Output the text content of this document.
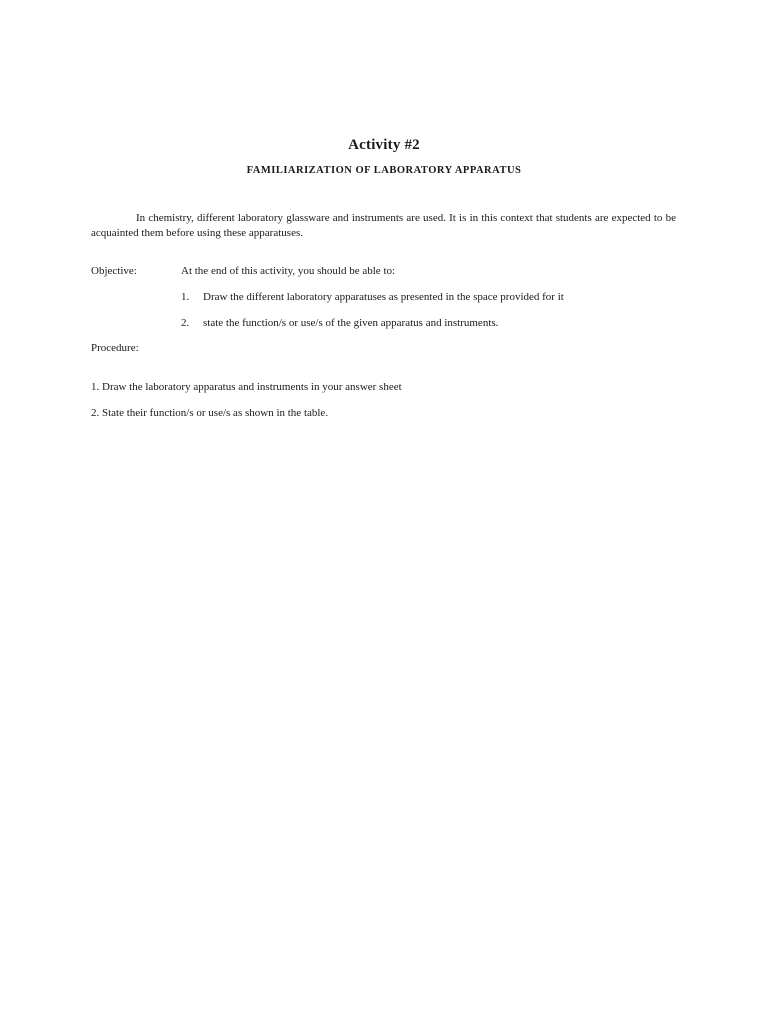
Activity #2
FAMILIARIZATION OF LABORATORY APPARATUS

In chemistry, different laboratory glassware and instruments are used. It is in this context that students are expected to be acquainted them before using these apparatuses.

Objective:	At the end of this activity, you should be able to:
1. Draw the different laboratory apparatuses as presented in the space provided for it
2. state the function/s or use/s of the given apparatus and instruments.
Procedure:
1. Draw the laboratory apparatus and instruments in your answer sheet
2. State their function/s or use/s as shown in the table.
